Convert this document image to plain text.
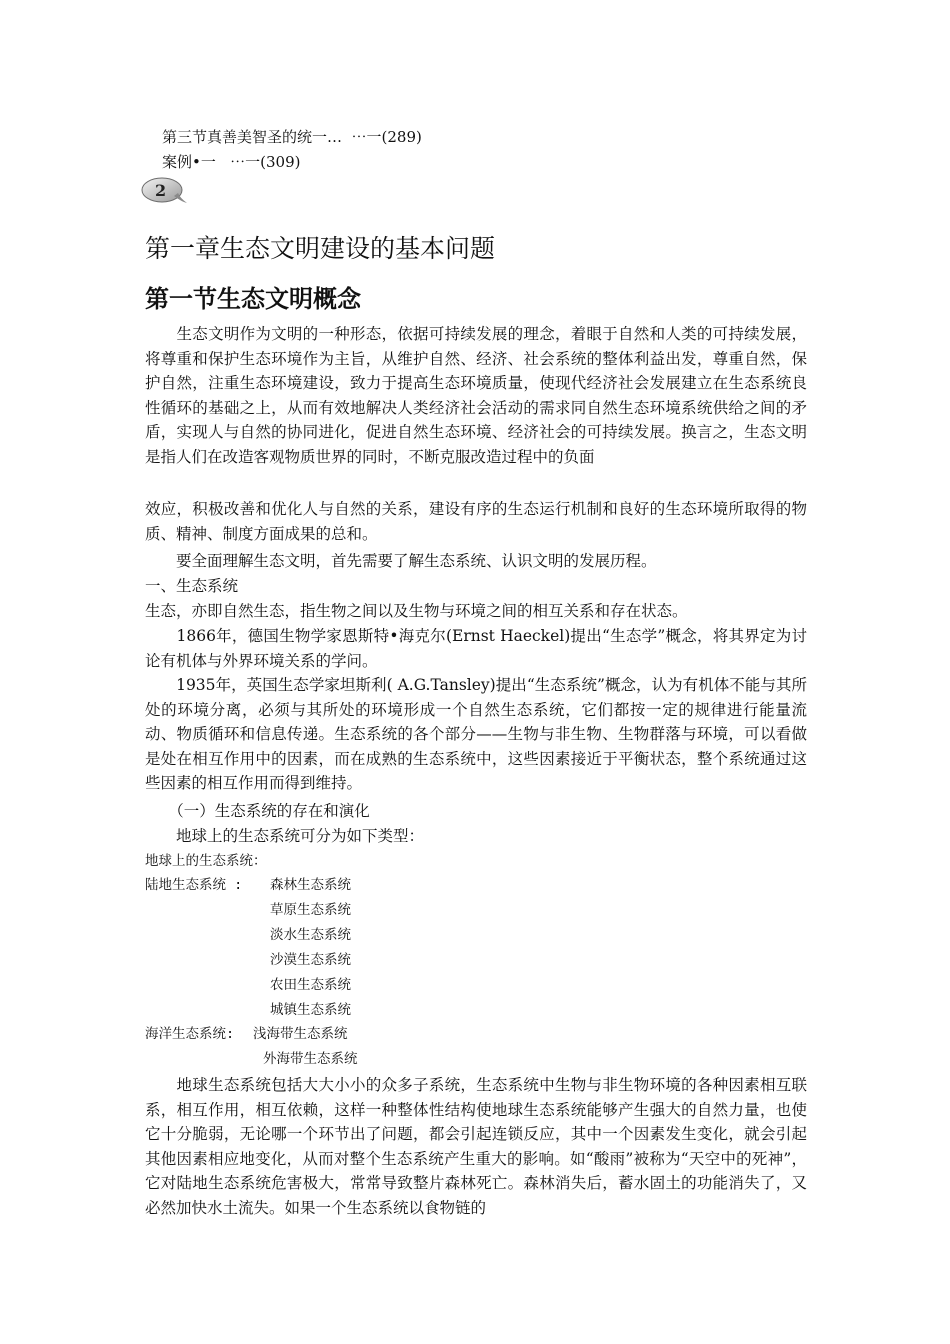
第三节真善美智圣的统一…  ⋯一(289)
案例•一   ⋯一(309)
2
第一章生态文明建设的基本问题
第一节生态文明概念
　　生态文明作为文明的一种形态，依据可持续发展的理念，着眼于自然和人类的可持续发展，将尊重和保护生态环境作为主旨，从维护自然、经济、社会系统的整体利益出发，尊重自然，保护自然，注重生态环境建设，致力于提高生态环境质量，使现代经济社会发展建立在生态系统良性循环的基础之上，从而有效地解决人类经济社会活动的需求同自然生态环境系统供给之间的矛盾，实现人与自然的协同进化，促进自然生态环境、经济社会的可持续发展。换言之，生态文明是指人们在改造客观物质世界的同时，不断克服改造过程中的负面
效应，积极改善和优化人与自然的关系，建设有序的生态运行机制和良好的生态环境所取得的物质、精神、制度方面成果的总和。
　　要全面理解生态文明，首先需要了解生态系统、认识文明的发展历程。
一、生态系统
生态，亦即自然生态，指生物之间以及生物与环境之间的相互关系和存在状态。
　　1866年，德国生物学家恩斯特•海克尔(Ernst Haeckel)提出“生态学”概念，将其界定为讨论有机体与外界环境关系的学问。
　　1935年，英国生态学家坦斯利( A.G.Tansley)提出“生态系统”概念，认为有机体不能与其所处的环境分离，必须与其所处的环境形成一个自然生态系统，它们都按一定的规律进行能量流动、物质循环和信息传递。生态系统的各个部分——生物与非生物、生物群落与环境，可以看做是处在相互作用中的因素，而在成熟的生态系统中，这些因素接近于平衡状态，整个系统通过这些因素的相互作用而得到维持。
　　（一）生态系统的存在和演化
　　地球上的生态系统可分为如下类型：
地球上的生态系统：
陆地生态系统 : 森林生态系统
草原生态系统
淡水生态系统
沙漠生态系统
农田生态系统
城镇生态系统
海洋生态系统: 浅海带生态系统
外海带生态系统
　　地球生态系统包括大大小小的众多子系统，生态系统中生物与非生物环境的各种因素相互联系，相互作用，相互依赖，这样一种整体性结构使地球生态系统能够产生强大的自然力量，也使它十分脆弱，无论哪一个环节出了问题，都会引起连锁反应，其中一个因素发生变化，就会引起其他因素相应地变化，从而对整个生态系统产生重大的影响。如“酸雨”被称为“天空中的死神”，它对陆地生态系统危害极大，常常导致整片森林死亡。森林消失后，蓄水固土的功能消失了，又必然加快水土流失。如果一个生态系统以食物链的
